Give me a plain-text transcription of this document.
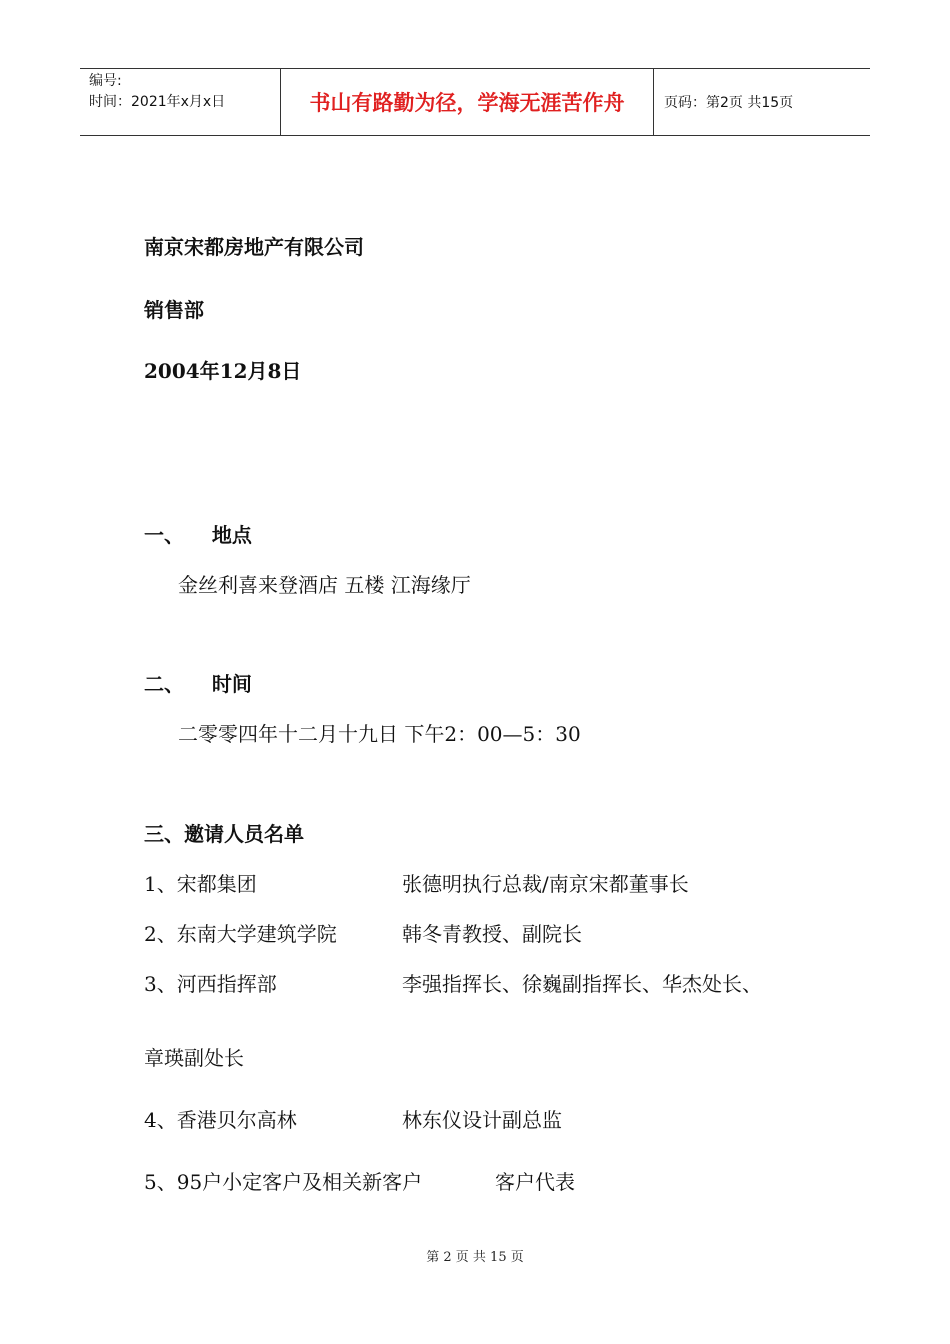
编号:
时间：2021年x月x日	书山有路勤为径，学海无涯苦作舟	页码：第2页 共15页
南京宋都房地产有限公司
销售部
2004年12月8日
一、    地点
金丝利喜来登酒店 五楼 江海缘厅
二、    时间
二零零四年十二月十九日 下午2：00—5：30
三、邀请人员名单
1、宋都集团	张德明执行总裁/南京宋都董事长
2、东南大学建筑学院	韩冬青教授、副院长
3、河西指挥部	李强指挥长、徐巍副指挥长、华杰处长、
章瑛副处长
4、香港贝尔高林	林东仪设计副总监
5、95户小定客户及相关新客户	客户代表
第 2 页 共 15 页
